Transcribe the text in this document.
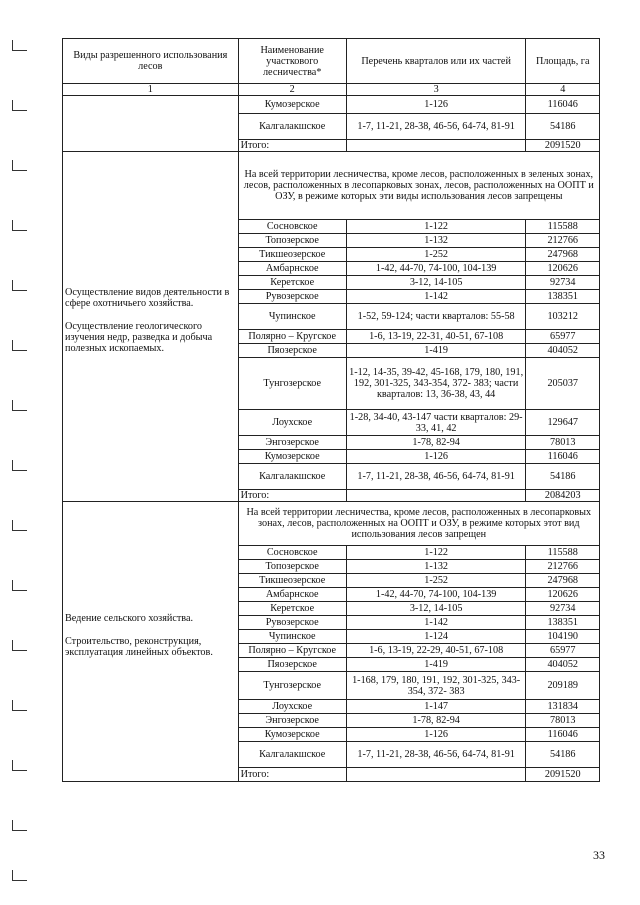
Виды разрешенного использования лесов	Наименование участкового лесничества*	Перечень кварталов или их частей	Площадь, га
1	2	3	4
	Кумозерское	1-126	116046
	Калгалакшское	1-7, 11-21, 28-38, 46-56, 64-74, 81-91	54186
	Итого:		2091520

Осуществление видов деятельности в сфере охотничьего хозяйства.

Осуществление геологического изучения недр, разведка и добыча полезных ископаемых.	На всей территории лесничества, кроме лесов, расположенных в зеленых зонах, лесов, расположенных в лесопарковых зонах, лесов, расположенных на ООПТ и ОЗУ, в режиме которых эти виды использования лесов запрещены		
	Сосновское	1-122	115588
	Топозерское	1-132	212766
	Тикшеозерское	1-252	247968
	Амбарнское	1-42, 44-70, 74-100, 104-139	120626
	Керетское	3-12, 14-105	92734
	Рувозерское	1-142	138351
	Чупинское	1-52, 59-124; части кварталов: 55-58	103212
	Полярно – Кругское	1-6, 13-19, 22-31, 40-51, 67-108	65977
	Пяозерское	1-419	404052
	Тунгозерское	1-12, 14-35, 39-42, 45-168, 179, 180, 191, 192, 301-325, 343-354, 372- 383; части кварталов: 13, 36-38, 43, 44	205037
	Лоухское	1-28, 34-40, 43-147 части кварталов: 29-33, 41, 42	129647
	Энгозерское	1-78, 82-94	78013
	Кумозерское	1-126	116046
	Калгалакшское	1-7, 11-21, 28-38, 46-56, 64-74, 81-91	54186
	Итого:		2084203

Ведение сельского хозяйства.

Строительство, реконструкция, эксплуатация линейных объектов.	На всей территории лесничества, кроме лесов, расположенных в лесопарковых зонах, лесов, расположенных на ООПТ и ОЗУ, в режиме которых этот вид использования лесов запрещен		
	Сосновское	1-122	115588
	Топозерское	1-132	212766
	Тикшеозерское	1-252	247968
	Амбарнское	1-42, 44-70, 74-100, 104-139	120626
	Керетское	3-12, 14-105	92734
	Рувозерское	1-142	138351
	Чупинское	1-124	104190
	Полярно – Кругское	1-6, 13-19, 22-29, 40-51, 67-108	65977
	Пяозерское	1-419	404052
	Тунгозерское	1-168, 179, 180, 191, 192, 301-325, 343-354, 372- 383	209189
	Лоухское	1-147	131834
	Энгозерское	1-78, 82-94	78013
	Кумозерское	1-126	116046
	Калгалакшское	1-7, 11-21, 28-38, 46-56, 64-74, 81-91	54186
	Итого:		2091520
33
